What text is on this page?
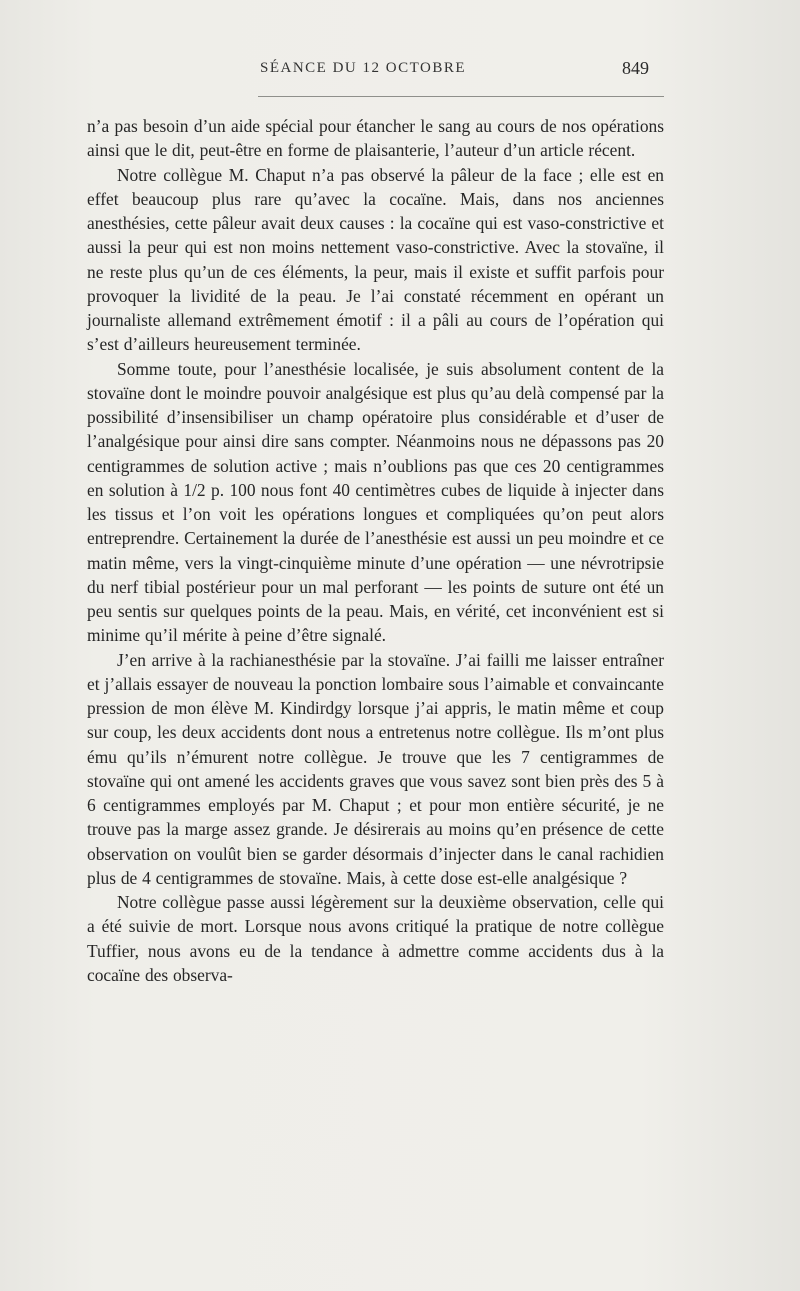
SÉANCE DU 12 OCTOBRE	849

n’a pas besoin d’un aide spécial pour étancher le sang au cours de nos opérations ainsi que le dit, peut-être en forme de plaisanterie, l’auteur d’un article récent.

Notre collègue M. Chaput n’a pas observé la pâleur de la face ; elle est en effet beaucoup plus rare qu’avec la cocaïne. Mais, dans nos anciennes anesthésies, cette pâleur avait deux causes : la cocaïne qui est vaso-constrictive et aussi la peur qui est non moins nettement vaso-constrictive. Avec la stovaïne, il ne reste plus qu’un de ces éléments, la peur, mais il existe et suffit parfois pour provoquer la lividité de la peau. Je l’ai constaté récemment en opérant un journaliste allemand extrêmement émotif : il a pâli au cours de l’opération qui s’est d’ailleurs heureusement terminée.

Somme toute, pour l’anesthésie localisée, je suis absolument content de la stovaïne dont le moindre pouvoir analgésique est plus qu’au delà compensé par la possibilité d’insensibiliser un champ opératoire plus considérable et d’user de l’analgésique pour ainsi dire sans compter. Néanmoins nous ne dépassons pas 20 centigrammes de solution active ; mais n’oublions pas que ces 20 centigrammes en solution à 1/2 p. 100 nous font 40 centimètres cubes de liquide à injecter dans les tissus et l’on voit les opérations longues et compliquées qu’on peut alors entreprendre. Certainement la durée de l’anesthésie est aussi un peu moindre et ce matin même, vers la vingt-cinquième minute d’une opération — une névrotripsie du nerf tibial postérieur pour un mal perforant — les points de suture ont été un peu sentis sur quelques points de la peau. Mais, en vérité, cet inconvénient est si minime qu’il mérite à peine d’être signalé.

J’en arrive à la rachianesthésie par la stovaïne. J’ai failli me laisser entraîner et j’allais essayer de nouveau la ponction lombaire sous l’aimable et convaincante pression de mon élève M. Kindirdgy lorsque j’ai appris, le matin même et coup sur coup, les deux accidents dont nous a entretenus notre collègue. Ils m’ont plus ému qu’ils n’émurent notre collègue. Je trouve que les 7 centigrammes de stovaïne qui ont amené les accidents graves que vous savez sont bien près des 5 à 6 centigrammes employés par M. Chaput ; et pour mon entière sécurité, je ne trouve pas la marge assez grande. Je désirerais au moins qu’en présence de cette observation on voulût bien se garder désormais d’injecter dans le canal rachidien plus de 4 centigrammes de stovaïne. Mais, à cette dose est-elle analgésique ?

Notre collègue passe aussi légèrement sur la deuxième observation, celle qui a été suivie de mort. Lorsque nous avons critiqué la pratique de notre collègue Tuffier, nous avons eu de la tendance à admettre comme accidents dus à la cocaïne des observa-
